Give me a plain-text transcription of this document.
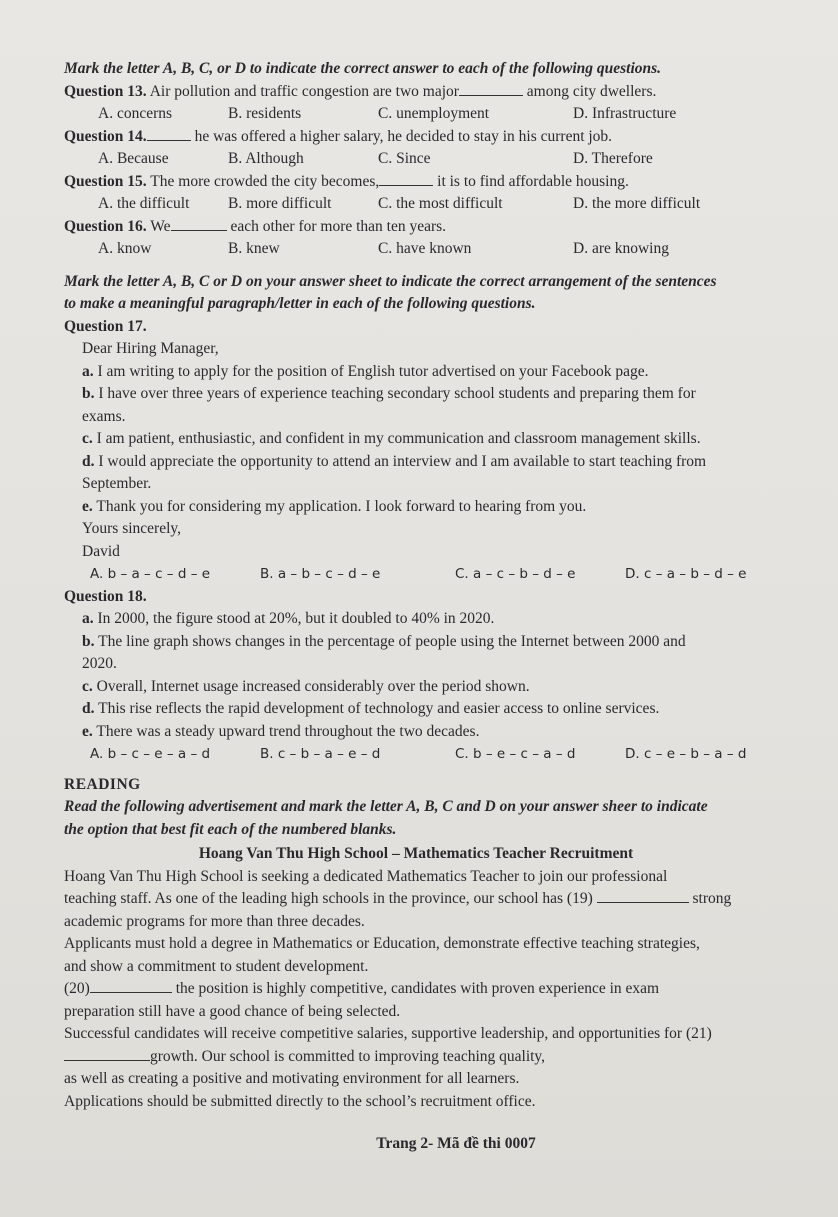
Mark the letter A, B, C, or D to indicate the correct answer to each of the following questions.
Question 13. Air pollution and traffic congestion are two major	among city dwellers.
A. concerns	B. residents	C. unemployment	D. Infrastructure
Question 14.	he was offered a higher salary, he decided to stay in his current job.
A. Because	B. Although	C. Since	D. Therefore
Question 15. The more crowded the city becomes,	it is to find affordable housing.
A. the difficult	B. more difficult	C. the most difficult	D. the more difficult
Question 16. We	each other for more than ten years.
A. know	B. knew	C. have known	D. are knowing
Mark the letter A, B, C or D on your answer sheet to indicate the correct arrangement of the sentences
to make a meaningful paragraph/letter in each of the following questions.
Question 17.
Dear Hiring Manager,
a. I am writing to apply for the position of English tutor advertised on your Facebook page.
b. I have over three years of experience teaching secondary school students and preparing them for
exams.
c. I am patient, enthusiastic, and confident in my communication and classroom management skills.
d. I would appreciate the opportunity to attend an interview and I am available to start teaching from
September.
e. Thank you for considering my application. I look forward to hearing from you.
Yours sincerely,
David
A. b – a – c – d – e	B. a – b – c – d – e	C. a – c – b – d – e	D. c – a – b – d – e
Question 18.
a. In 2000, the figure stood at 20%, but it doubled to 40% in 2020.
b. The line graph shows changes in the percentage of people using the Internet between 2000 and
2020.
c. Overall, Internet usage increased considerably over the period shown.
d. This rise reflects the rapid development of technology and easier access to online services.
e. There was a steady upward trend throughout the two decades.
A. b – c – e – a – d	B. c – b – a – e – d	C. b – e – c – a – d	D. c – e – b – a – d
READING
Read the following advertisement and mark the letter A, B, C and D on your answer sheer to indicate
the option that best fit each of the numbered blanks.
Hoang Van Thu High School – Mathematics Teacher Recruitment
Hoang Van Thu High School is seeking a dedicated Mathematics Teacher to join our professional
teaching staff. As one of the leading high schools in the province, our school has (19)	strong
academic programs for more than three decades.
Applicants must hold a degree in Mathematics or Education, demonstrate effective teaching strategies,
and show a commitment to student development.
(20)	the position is highly competitive, candidates with proven experience in exam
preparation still have a good chance of being selected.
Successful candidates will receive competitive salaries, supportive leadership, and opportunities for (21)
growth. Our school is committed to improving teaching quality,
as well as creating a positive and motivating environment for all learners.
Applications should be submitted directly to the school’s recruitment office.
Trang 2- Mã đề thi 0007
